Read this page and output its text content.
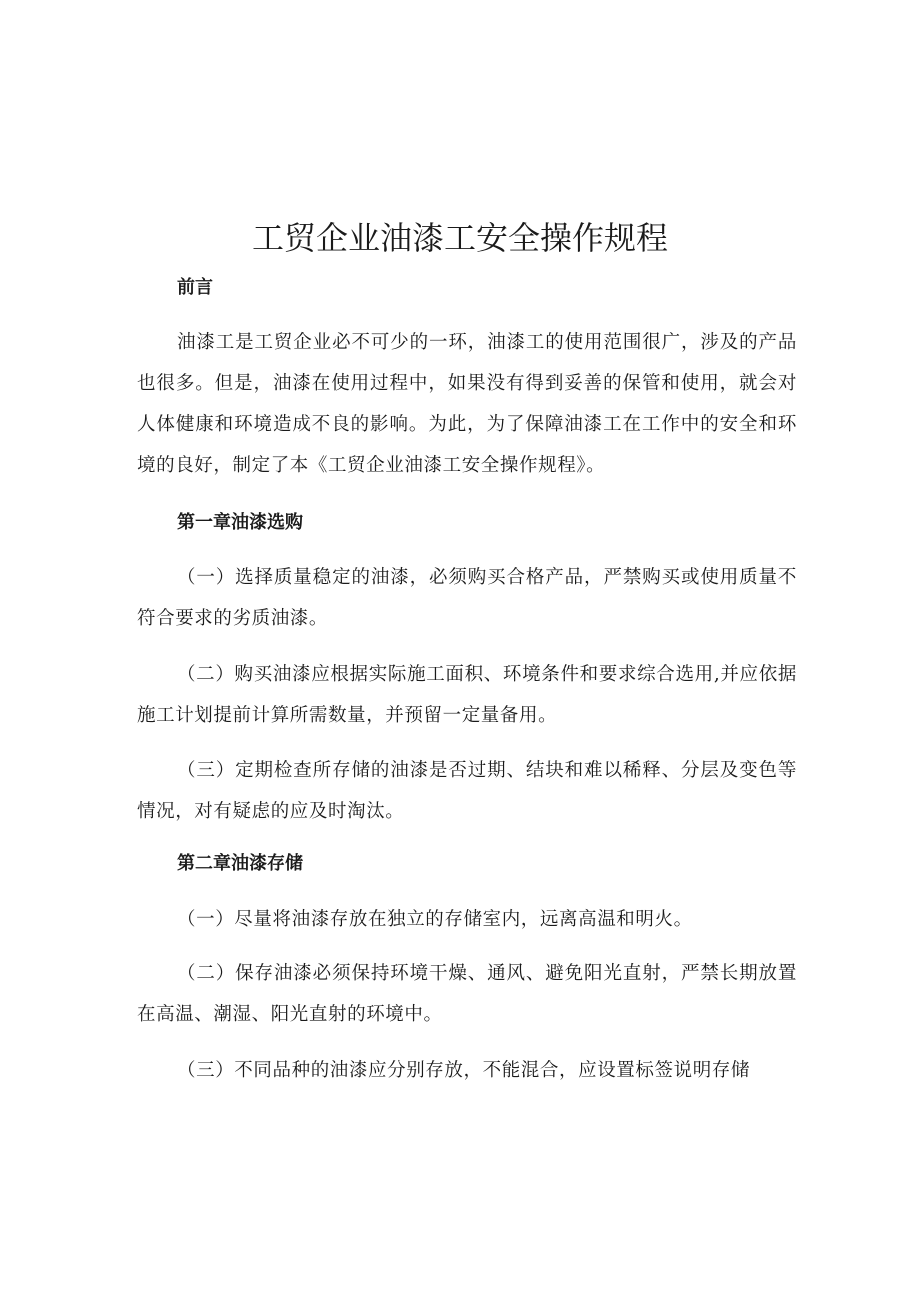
工贸企业油漆工安全操作规程
前言

油漆工是工贸企业必不可少的一环，油漆工的使用范围很广，涉及的产品也很多。但是，油漆在使用过程中，如果没有得到妥善的保管和使用，就会对人体健康和环境造成不良的影响。为此，为了保障油漆工在工作中的安全和环境的良好，制定了本《工贸企业油漆工安全操作规程》。

第一章油漆选购

（一）选择质量稳定的油漆，必须购买合格产品，严禁购买或使用质量不符合要求的劣质油漆。

（二）购买油漆应根据实际施工面积、环境条件和要求综合选用,并应依据施工计划提前计算所需数量，并预留一定量备用。

（三）定期检查所存储的油漆是否过期、结块和难以稀释、分层及变色等情况，对有疑虑的应及时淘汰。

第二章油漆存储

（一）尽量将油漆存放在独立的存储室内，远离高温和明火。

（二）保存油漆必须保持环境干燥、通风、避免阳光直射，严禁长期放置在高温、潮湿、阳光直射的环境中。

（三）不同品种的油漆应分别存放，不能混合，应设置标签说明存储
